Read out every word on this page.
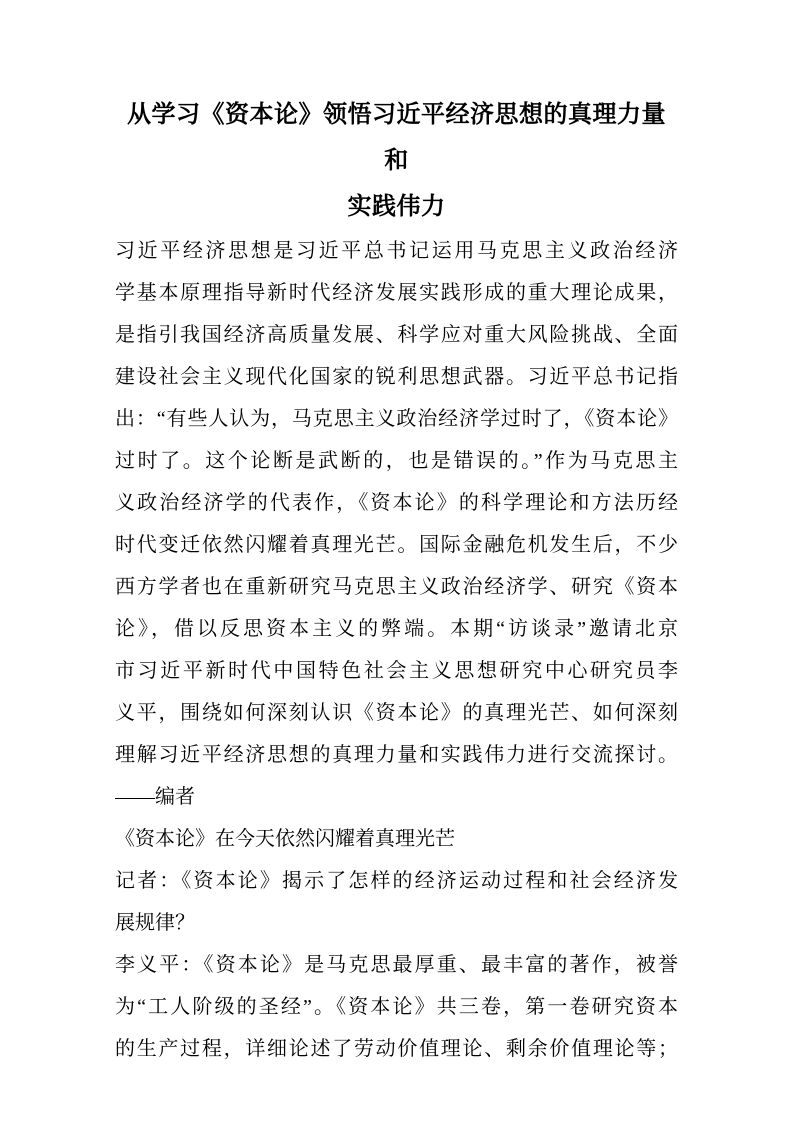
从学习《资本论》领悟习近平经济思想的真理力量和
实践伟力
习近平经济思想是习近平总书记运用马克思主义政治经济
学基本原理指导新时代经济发展实践形成的重大理论成果，
是指引我国经济高质量发展、科学应对重大风险挑战、全面
建设社会主义现代化国家的锐利思想武器。习近平总书记指
出：“有些人认为，马克思主义政治经济学过时了，《资本论》
过时了。这个论断是武断的，也是错误的。”作为马克思主
义政治经济学的代表作，《资本论》的科学理论和方法历经
时代变迁依然闪耀着真理光芒。国际金融危机发生后，不少
西方学者也在重新研究马克思主义政治经济学、研究《资本
论》，借以反思资本主义的弊端。本期“访谈录”邀请北京
市习近平新时代中国特色社会主义思想研究中心研究员李
义平，围绕如何深刻认识《资本论》的真理光芒、如何深刻
理解习近平经济思想的真理力量和实践伟力进行交流探讨。
——编者
《资本论》在今天依然闪耀着真理光芒
记者：《资本论》揭示了怎样的经济运动过程和社会经济发
展规律？
李义平：《资本论》是马克思最厚重、最丰富的著作，被誉
为“工人阶级的圣经”。《资本论》共三卷，第一卷研究资本
的生产过程，详细论述了劳动价值理论、剩余价值理论等；
